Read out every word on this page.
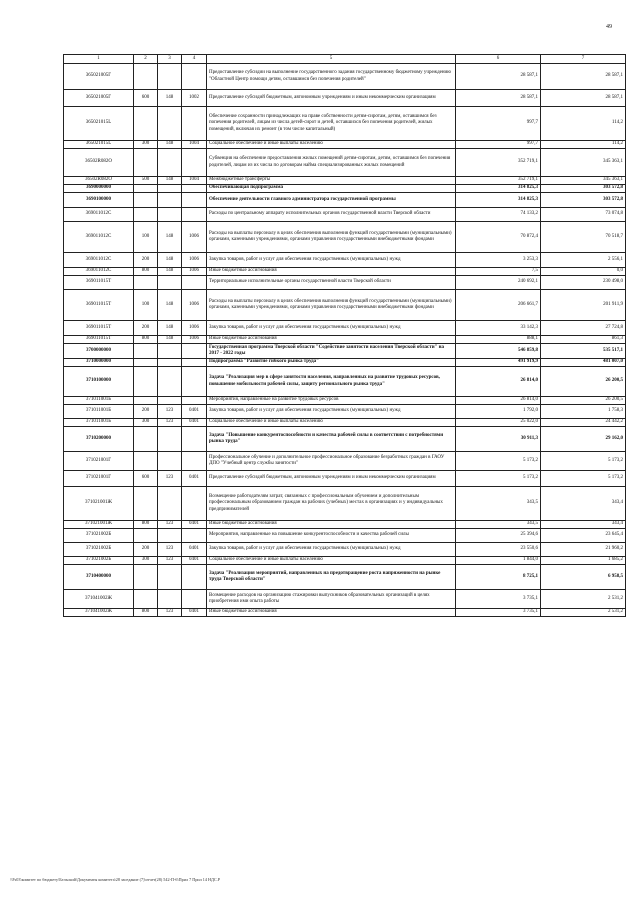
49
1	2	3	4	5	6	7
365021005Г				Предоставление субсидии на выполнение государственного задания государственному бюджетному учреждению "Областной Центр помощи детям, оставшимся без попечения родителей"	28 587,1	28 587,1
365021005Г	600	148	1002	Предоставление субсидий бюджетным, автономным учреждениям и иным некоммерческим организациям	28 587,1	28 587,1
365021015L				Обеспечение сохранности принадлежащих на праве собственности детям-сиротам, детям, оставшимся без попечения родителей, лицам из числа детей-сирот и детей, оставшихся без попечения родителей, жилых помещений, включая их ремонт (в том числе капитальный)	997,7	114,2
365021015L	300	148	1004	Социальное обеспечение и иные выплаты населению	997,7	114,2
36502R082О				Субвенция на обеспечение предоставления жилых помещений детям-сиротам, детям, оставшимся без попечения родителей, лицам из их числа по договорам найма специализированных жилых помещений	352 719,1	345 363,1
36502R082О	500	148	1004	Межбюджетные трансферты	352 719,1	345 363,1
3690000000				Обеспечивающая подпрограмма	314 825,3	303 572,8
3690100000				Обеспечение деятельности главного администратора государственной программы	314 825,3	303 572,8
369011012С				Расходы по центральному аппарату исполнительных органов государственной власти Тверской области	74 133,2	73 074,8
369011012С	100	148	1006	Расходы на выплаты персоналу в целях обеспечения выполнения функций государственными (муниципальными) органами, казенными учреждениями, органами управления государственными внебюджетными фондами	70 872,4	70 518,7
369011012С	200	148	1006	Закупка товаров, работ и услуг для обеспечения государственных (муниципальных) нужд	3 253,3	2 556,1
369011012С	800	148	1006	Иные бюджетные ассигнования	7,5	0,0
369011015Т				Территориальные исполнительные органы государственной власти Тверской области	240 692,1	230 498,0
369011015Т	100	148	1006	Расходы на выплаты персоналу в целях обеспечения выполнения функций государственными (муниципальными) органами, казенными учреждениями, органами управления государственными внебюджетными фондами	206 661,7	201 911,9
369011015Т	200	148	1006	Закупка товаров, работ и услуг для обеспечения государственных (муниципальных) нужд	33 142,3	27 724,8
369011015Т	800	148	1006	Иные бюджетные ассигнования	888,1	861,3
3700000000				Государственная программа Тверской области "Содействие занятости населения Тверской области" на 2017 - 2022 годы	546 859,8	535 517,1
3710000000				Подпрограмма "Развитие гибкого рынка труда"	491 919,9	481 007,0
3710100000				Задача "Реализация мер в сфере занятости населения, направленных на развитие трудовых ресурсов, повышение мобильности рабочей силы, защиту регионального рынка труда"	26 814,0	26 200,5
371011001Б				Мероприятия, направленные на развитие трудовых ресурсов	26 814,0	26 200,5
371011001Б	200	123	0401	Закупка товаров, работ и услуг для обеспечения государственных (муниципальных) нужд	1 792,0	1 758,3
371011001Б	300	123	0401	Социальное обеспечение и иные выплаты населению	25 022,0	24 442,2
3710200000				Задача "Повышение конкурентоспособности и качества рабочей силы в соответствии с потребностями рынка труда"	30 911,3	29 162,0
371021001Г				Профессиональное обучение и дополнительное профессиональное образование безработных граждан в ГАОУ ДПО "Учебный центр службы занятости"	5 173,2	5 173,2
371021001Г	600	123	0401	Предоставление субсидий бюджетным, автономным учреждениям и иным некоммерческим организациям	5 173,2	5 173,2
371021001Ж				Возмещение работодателям затрат, связанных с профессиональным обучением и дополнительным профессиональным образованием граждан на рабочих (учебных) местах в организациях и у индивидуальных предпринимателей	343,5	343,4
371021001Ж	800	123	0401	Иные бюджетные ассигнования	343,5	343,4
371021002Б				Мероприятия, направленные на повышение конкурентоспособности и качества рабочей силы	25 394,6	23 645,4
371021002Б	200	123	0401	Закупка товаров, работ и услуг для обеспечения государственных (муниципальных) нужд	23 550,6	21 960,2
371021002Б	300	123	0401	Социальное обеспечение и иные выплаты населению	1 844,0	1 685,2
3710400000				Задача "Реализация мероприятий, направленных на предотвращение роста напряженности на рынке труда Тверской области"	8 725,1	6 958,5
371041002Ж				Возмещение расходов на организацию стажировки выпускников образовательных организаций в целях приобретения ими опыта работы	3 735,1	2 531,2
371041002Ж	800	123	0401	Иные бюджетные ассигнования	3 735,1	2 531,2
\\Fs03\комитет по бюджету\Бельский\Документы комитета\28 заседание (7)\отчет(28) 542-П-6\Прил 7 Прил 14 НДС.Р
